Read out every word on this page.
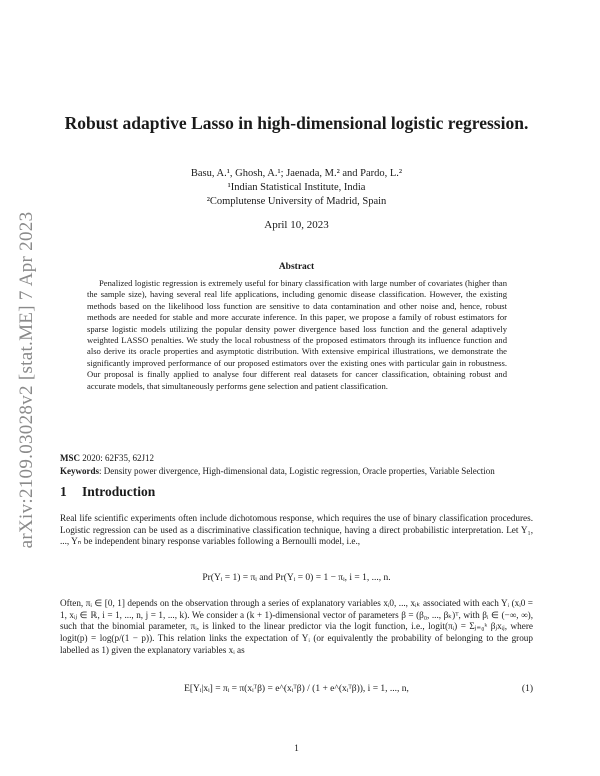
arXiv:2109.03028v2 [stat.ME] 7 Apr 2023
Robust adaptive Lasso in high-dimensional logistic regression.
Basu, A.¹, Ghosh, A.¹; Jaenada, M.² and Pardo, L.²
¹Indian Statistical Institute, India
²Complutense University of Madrid, Spain
April 10, 2023
Abstract
Penalized logistic regression is extremely useful for binary classification with large number of covariates (higher than the sample size), having several real life applications, including genomic disease classification. However, the existing methods based on the likelihood loss function are sensitive to data contamination and other noise and, hence, robust methods are needed for stable and more accurate inference. In this paper, we propose a family of robust estimators for sparse logistic models utilizing the popular density power divergence based loss function and the general adaptively weighted LASSO penalties. We study the local robustness of the proposed estimators through its influence function and also derive its oracle properties and asymptotic distribution. With extensive empirical illustrations, we demonstrate the significantly improved performance of our proposed estimators over the existing ones with particular gain in robustness. Our proposal is finally applied to analyse four different real datasets for cancer classification, obtaining robust and accurate models, that simultaneously performs gene selection and patient classification.
MSC 2020: 62F35, 62J12
Keywords: Density power divergence, High-dimensional data, Logistic regression, Oracle properties, Variable Selection
1 Introduction
Real life scientific experiments often include dichotomous response, which requires the use of binary classification procedures. Logistic regression can be used as a discriminative classification technique, having a direct probabilistic interpretation. Let Y₁, ..., Yₙ be independent binary response variables following a Bernoulli model, i.e.,
Pr(Yᵢ = 1) = πᵢ and Pr(Yᵢ = 0) = 1 − πᵢ, i = 1, ..., n.
Often, πᵢ ∈ [0, 1] depends on the observation through a series of explanatory variables xᵢ0, ..., xᵢₖ associated with each Yᵢ (xᵢ0 = 1, xᵢⱼ ∈ ℝ, i = 1, ..., n, j = 1, ..., k). We consider a (k + 1)-dimensional vector of parameters β = (β₀, ..., βₖ)ᵀ, with βᵢ ∈ (−∞, ∞), such that the binomial parameter, πᵢ, is linked to the linear predictor via the logit function, i.e., logit(πᵢ) = Σⱼ₌₀ᵏ βⱼxᵢⱼ, where logit(p) = log(p/(1 − p)). This relation links the expectation of Yᵢ (or equivalently the probability of belonging to the group labelled as 1) given the explanatory variables xᵢ as
E[Yᵢ|xᵢ] = πᵢ = π(xᵢᵀβ) = e^(xᵢᵀβ) / (1 + e^(xᵢᵀβ)), i = 1, ..., n,	(1)
1
